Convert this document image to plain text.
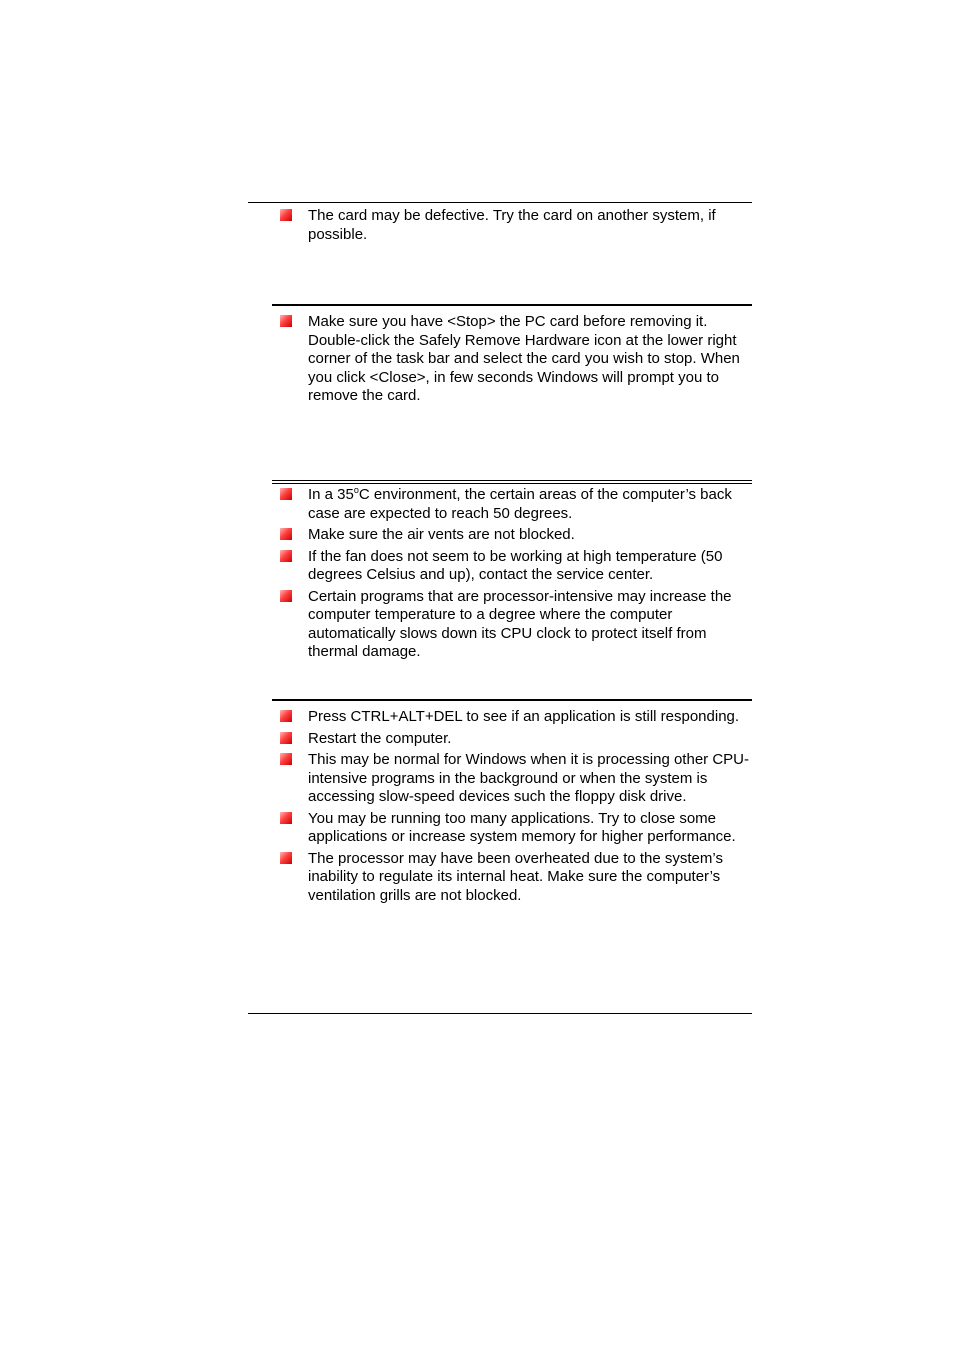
The card may be defective. Try the card on another system, if possible.
Make sure you have <Stop> the PC card before removing it. Double-click the Safely Remove Hardware icon at the lower right corner of the task bar and select the card you wish to stop. When you click <Close>, in few seconds Windows will prompt you to remove the card.
In a 35$^o$C environment, the certain areas of the computer’s back case are expected to reach 50 degrees.
Make sure the air vents are not blocked.
If the fan does not seem to be working at high temperature (50 degrees Celsius and up), contact the service center.
Certain programs that are processor-intensive may increase the computer temperature to a degree where the computer automatically slows down its CPU clock to protect itself from thermal damage.
Press CTRL+ALT+DEL to see if an application is still responding.
Restart the computer.
This may be normal for Windows when it is processing other CPU-intensive programs in the background or when the system is accessing slow-speed devices such the floppy disk drive.
You may be running too many applications. Try to close some applications or increase system memory for higher performance.
The processor may have been overheated due to the system’s inability to regulate its internal heat. Make sure the computer’s ventilation grills are not blocked.
